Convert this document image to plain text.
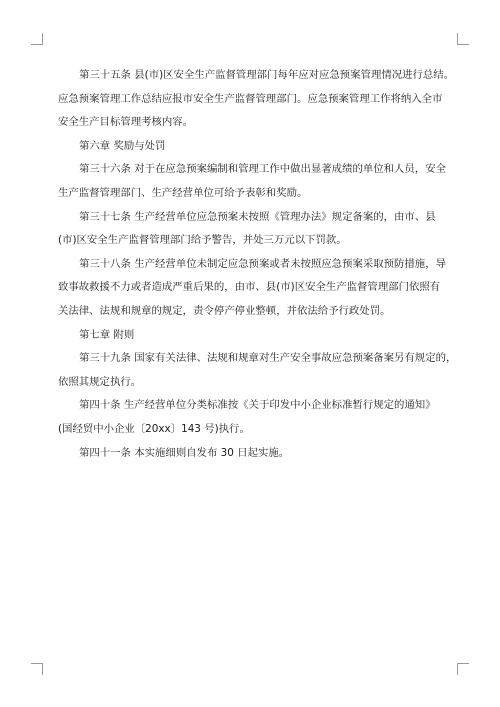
第三十五条 县(市)区安全生产监督管理部门每年应对应急预案管理情况进行总结。

应急预案管理工作总结应报市安全生产监督管理部门。应急预案管理工作将纳入全市

安全生产目标管理考核内容。

第六章 奖励与处罚

第三十六条 对于在应急预案编制和管理工作中做出显著成绩的单位和人员，安全

生产监督管理部门、生产经营单位可给予表彰和奖励。

第三十七条 生产经营单位应急预案未按照《管理办法》规定备案的，由市、县

(市)区安全生产监督管理部门给予警告，并处三万元以下罚款。

第三十八条 生产经营单位未制定应急预案或者未按照应急预案采取预防措施，导

致事故救援不力或者造成严重后果的，由市、县(市)区安全生产监督管理部门依照有

关法律、法规和规章的规定，责令停产停业整顿，并依法给予行政处罚。

第七章 附则

第三十九条 国家有关法律、法规和规章对生产安全事故应急预案备案另有规定的，

依照其规定执行。

第四十条 生产经营单位分类标准按《关于印发中小企业标准暂行规定的通知》

(国经贸中小企业〔20xx〕143 号)执行。

第四十一条 本实施细则自发布 30 日起实施。
